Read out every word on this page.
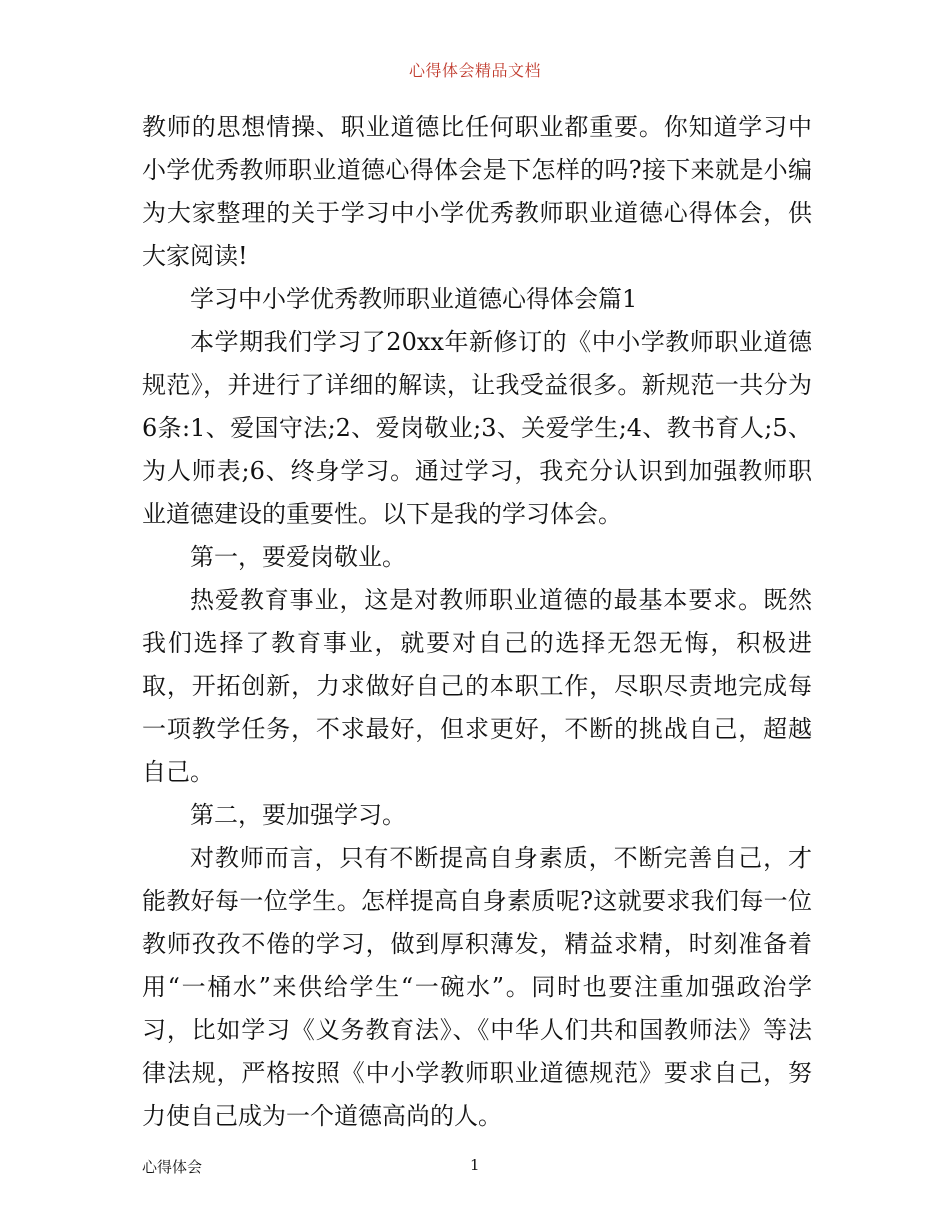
心得体会精品文档

教师的思想情操、职业道德比任何职业都重要。你知道学习中小学优秀教师职业道德心得体会是下怎样的吗?接下来就是小编为大家整理的关于学习中小学优秀教师职业道德心得体会，供大家阅读!

学习中小学优秀教师职业道德心得体会篇1

本学期我们学习了20xx年新修订的《中小学教师职业道德规范》，并进行了详细的解读，让我受益很多。新规范一共分为6条:1、爱国守法;2、爱岗敬业;3、关爱学生;4、教书育人;5、为人师表;6、终身学习。通过学习，我充分认识到加强教师职业道德建设的重要性。以下是我的学习体会。

第一，要爱岗敬业。

热爱教育事业，这是对教师职业道德的最基本要求。既然我们选择了教育事业，就要对自己的选择无怨无悔，积极进取，开拓创新，力求做好自己的本职工作，尽职尽责地完成每一项教学任务，不求最好，但求更好，不断的挑战自己，超越自己。

第二，要加强学习。

对教师而言，只有不断提高自身素质，不断完善自己，才能教好每一位学生。怎样提高自身素质呢?这就要求我们每一位教师孜孜不倦的学习，做到厚积薄发，精益求精，时刻准备着用“一桶水”来供给学生“一碗水”。同时也要注重加强政治学习，比如学习《义务教育法》、《中华人们共和国教师法》等法律法规，严格按照《中小学教师职业道德规范》要求自己，努力使自己成为一个道德高尚的人。

心得体会	1
